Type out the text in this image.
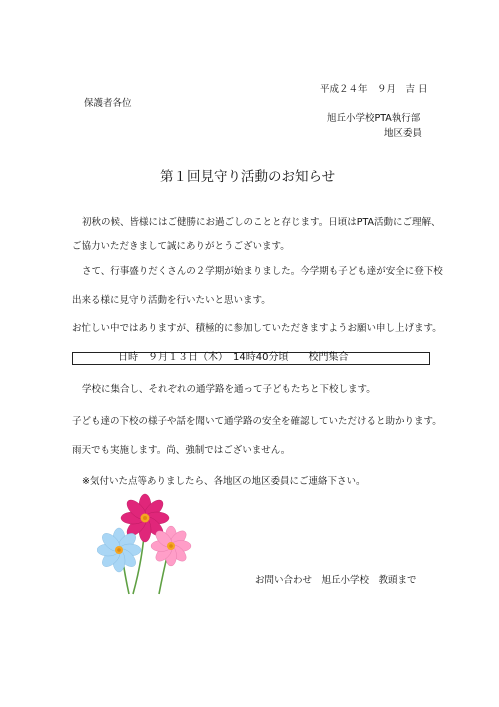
平成２４年　９月　吉 日
保護者各位
旭丘小学校PTA執行部
地区委員
第１回見守り活動のお知らせ
初秋の候、皆様にはご健勝にお過ごしのことと存じます。日頃はPTA活動にご理解、
ご協力いただきまして誠にありがとうございます。
さて、行事盛りだくさんの２学期が始まりました。今学期も子ども達が安全に登下校
出来る様に見守り活動を行いたいと思います。
お忙しい中ではありますが、積極的に参加していただきますようお願い申し上げます。
日時　９月１３日（木）　14時40分頃　　校門集合
学校に集合し、それぞれの通学路を通って子どもたちと下校します。
子ども達の下校の様子や話を聞いて通学路の安全を確認していただけると助かります。
雨天でも実施します。尚、強制ではございません。
※気付いた点等ありましたら、各地区の地区委員にご連絡下さい。
お問い合わせ　旭丘小学校　教頭まで
